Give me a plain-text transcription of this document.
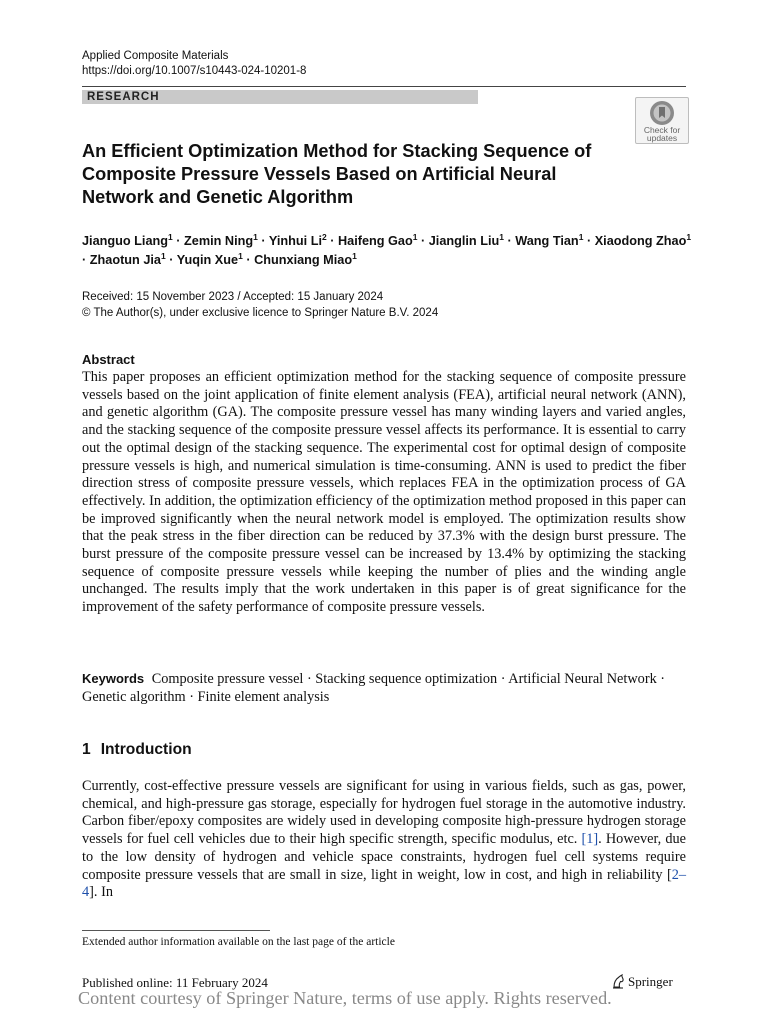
Applied Composite Materials
https://doi.org/10.1007/s10443-024-10201-8
RESEARCH
Check for
updates
An Efficient Optimization Method for Stacking Sequence of Composite Pressure Vessels Based on Artificial Neural Network and Genetic Algorithm
Jianguo Liang$^1$ · Zemin Ning$^1$ · Yinhui $Li^2$ · Haifeng Gao$^1$ · Jianglin Liu$^1$ · Wang Tian$^1$ · Xiaodong Zhao$^1$ · Zhaotun Jia$^1$ · Yuqin Xue$^1$ · Chunxiang Miao$^1$
Received: 15 November 2023 / Accepted: 15 January 2024
© The Author(s), under exclusive licence to Springer Nature B.V. 2024
Abstract
This paper proposes an efficient optimization method for the stacking sequence of composite pressure vessels based on the joint application of finite element analysis (FEA), artificial neural network (ANN), and genetic algorithm (GA). The composite pressure vessel has many winding layers and varied angles, and the stacking sequence of the composite pressure vessel affects its performance. It is essential to carry out the optimal design of the stacking sequence. The experimental cost for optimal design of composite pressure vessels is high, and numerical simulation is time-consuming. ANN is used to predict the fiber direction stress of composite pressure vessels, which replaces FEA in the optimization process of GA effectively. In addition, the optimization efficiency of the optimization method proposed in this paper can be improved significantly when the neural network model is employed. The optimization results show that the peak stress in the fiber direction can be reduced by 37.3% with the design burst pressure. The burst pressure of the composite pressure vessel can be increased by 13.4% by optimizing the stacking sequence of composite pressure vessels while keeping the number of plies and the winding angle unchanged. The results imply that the work undertaken in this paper is of great significance for the improvement of the safety performance of composite pressure vessels.
Keywords Composite pressure vessel · Stacking sequence optimization · Artificial Neural Network · Genetic algorithm · Finite element analysis
1 Introduction
Currently, cost-effective pressure vessels are significant for using in various fields, such as gas, power, chemical, and high-pressure gas storage, especially for hydrogen fuel storage in the automotive industry. Carbon fiber/epoxy composites are widely used in developing composite high-pressure hydrogen storage vessels for fuel cell vehicles due to their high specific strength, specific modulus, etc. [1]. However, due to the low density of hydrogen and vehicle space constraints, hydrogen fuel cell systems require composite pressure vessels that are small in size, light in weight, low in cost, and high in reliability [2–4]. In
Extended author information available on the last page of the article
Published online: 11 February 2024	Springer
Content courtesy of Springer Nature, terms of use apply. Rights reserved.
